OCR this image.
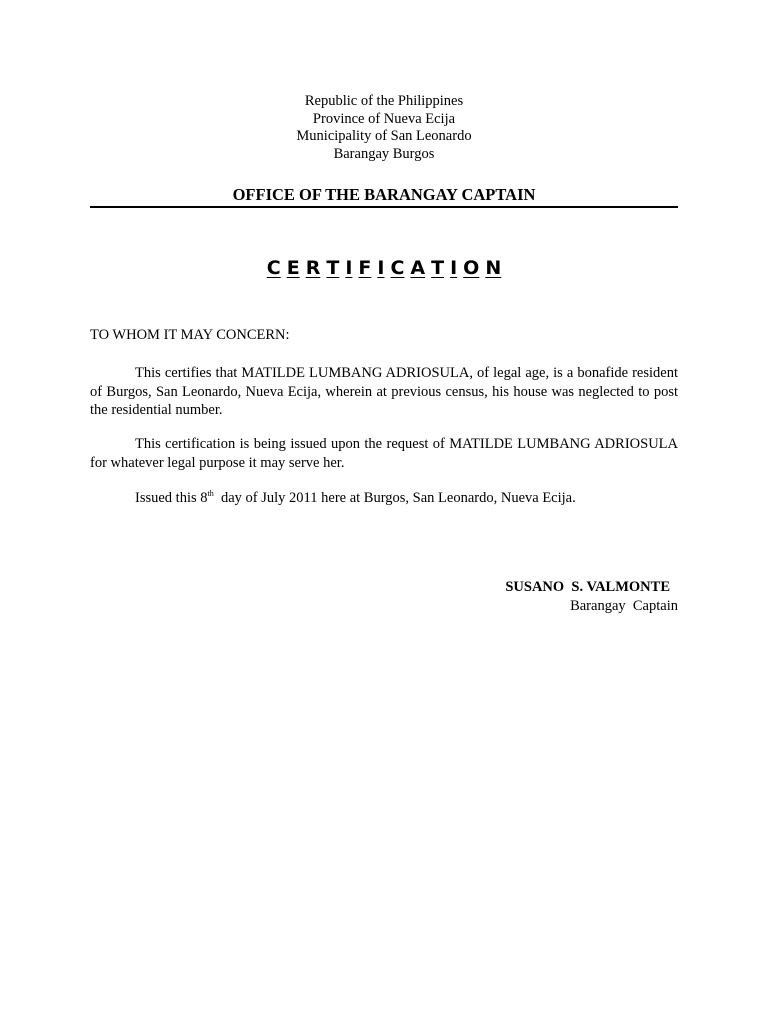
Republic of the Philippines
Province of Nueva Ecija
Municipality of San Leonardo
Barangay Burgos
OFFICE OF THE BARANGAY CAPTAIN
C E R T I F I C A T I O N
TO WHOM IT MAY CONCERN:
This certifies that MATILDE LUMBANG ADRIOSULA, of legal age, is a bonafide resident of Burgos, San Leonardo, Nueva Ecija, wherein at previous census, his house was neglected to post the residential number.
This certification is being issued upon the request of MATILDE LUMBANG ADRIOSULA for whatever legal purpose it may serve her.
Issued this 8th  day of July 2011 here at Burgos, San Leonardo, Nueva Ecija.
SUSANO  S. VALMONTE
Barangay  Captain
